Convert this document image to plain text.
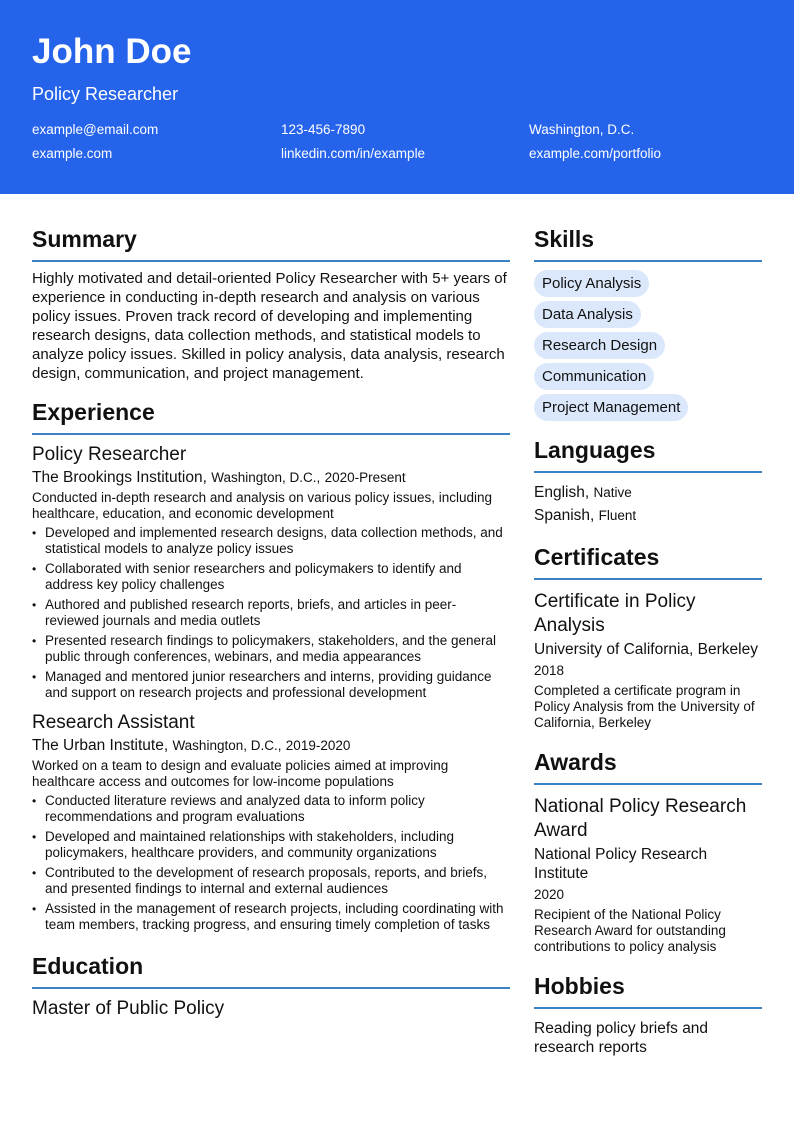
John Doe
Policy Researcher
example@email.com	123-456-7890	Washington, D.C.
example.com	linkedin.com/in/example	example.com/portfolio
Summary

Highly motivated and detail-oriented Policy Researcher with 5+ years of experience in conducting in-depth research and analysis on various policy issues. Proven track record of developing and implementing research designs, data collection methods, and statistical models to analyze policy issues. Skilled in policy analysis, data analysis, research design, communication, and project management.

Experience
Policy Researcher
The Brookings Institution, Washington, D.C., 2020-Present
Conducted in-depth research and analysis on various policy issues, including healthcare, education, and economic development
• Developed and implemented research designs, data collection methods, and statistical models to analyze policy issues
• Collaborated with senior researchers and policymakers to identify and address key policy challenges
• Authored and published research reports, briefs, and articles in peer-reviewed journals and media outlets
• Presented research findings to policymakers, stakeholders, and the general public through conferences, webinars, and media appearances
• Managed and mentored junior researchers and interns, providing guidance and support on research projects and professional development
Research Assistant
The Urban Institute, Washington, D.C., 2019-2020
Worked on a team to design and evaluate policies aimed at improving healthcare access and outcomes for low-income populations
• Conducted literature reviews and analyzed data to inform policy recommendations and program evaluations
• Developed and maintained relationships with stakeholders, including policymakers, healthcare providers, and community organizations
• Contributed to the development of research proposals, reports, and briefs, and presented findings to internal and external audiences
• Assisted in the management of research projects, including coordinating with team members, tracking progress, and ensuring timely completion of tasks
Education
Master of Public Policy
Skills
Policy Analysis
Data Analysis
Research Design
Communication
Project Management
Languages
English, Native
Spanish, Fluent
Certificates
Certificate in Policy Analysis
University of California, Berkeley
2018
Completed a certificate program in Policy Analysis from the University of California, Berkeley
Awards
National Policy Research Award
National Policy Research Institute
2020
Recipient of the National Policy Research Award for outstanding contributions to policy analysis
Hobbies
Reading policy briefs and research reports
